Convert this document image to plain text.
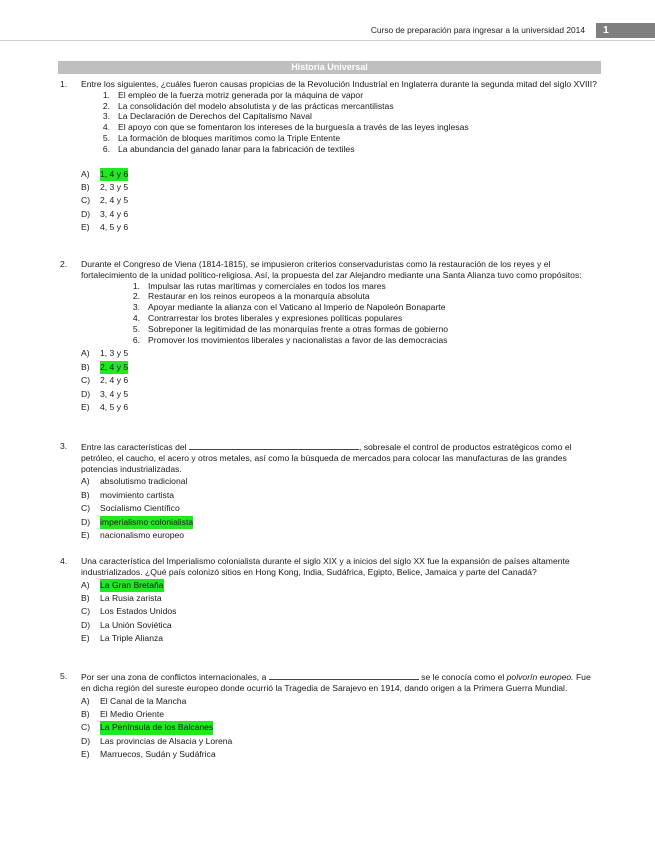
Curso de preparación para ingresar a la universidad 2014	1
Historia Universal
1. Entre los siguientes, ¿cuáles fueron causas propicias de la Revolución Industrial en Inglaterra durante la segunda mitad del siglo XVIII?
1. El empleo de la fuerza motriz generada por la máquina de vapor
2. La consolidación del modelo absolutista y de las prácticas mercantilistas
3. La Declaración de Derechos del Capitalismo Naval
4. El apoyo con que se fomentaron los intereses de la burguesía a través de las leyes inglesas
5. La formación de bloques marítimos como la Triple Entente
6. La abundancia del ganado lanar para la fabricación de textiles
A)	1, 4 y 6
B)	2, 3 y 5
C)	2, 4 y 5
D)	3, 4 y 6
E)	4, 5 y 6
2. Durante el Congreso de Viena (1814-1815), se impusieron criterios conservaduristas como la restauración de los reyes y el fortalecimiento de la unidad político-religiosa. Así, la propuesta del zar Alejandro mediante una Santa Alianza tuvo como propósitos:
1. Impulsar las rutas marítimas y comerciales en todos los mares
2. Restaurar en los reinos europeos a la monarquía absoluta
3. Apoyar mediante la alianza con el Vaticano al Imperio de Napoleón Bonaparte
4. Contrarrestar los brotes liberales y expresiones políticas populares
5. Sobreponer la legitimidad de las monarquías frente a otras formas de gobierno
6. Promover los movimientos liberales y nacionalistas a favor de las democracias
A)	1, 3 y 5
B)	2, 4 y 5
C)	2, 4 y 6
D)	3, 4 y 5
E)	4, 5 y 6
3. Entre las características del	, sobresale el control de productos estratégicos como el petróleo, el caucho, el acero y otros metales, así como la búsqueda de mercados para colocar las manufacturas de las grandes potencias industrializadas.
A)	absolutismo tradicional
B)	movimiento cartista
C)	Socialismo Científico
D)	imperialismo colonialista
E)	nacionalismo europeo
4. Una característica del Imperialismo colonialista durante el siglo XIX y a inicios del siglo XX fue la expansión de países altamente industrializados. ¿Qué país colonizó sitios en Hong Kong, India, Sudáfrica, Egipto, Belice, Jamaica y parte del Canadá?
A)	La Gran Bretaña
B)	La Rusia zarista
C)	Los Estados Unidos
D)	La Unión Soviética
E)	La Triple Alianza
5. Por ser una zona de conflictos internacionales, a	se le conocía como el polvorín europeo. Fue en dicha región del sureste europeo donde ocurrió la Tragedia de Sarajevo en 1914, dando origen a la Primera Guerra Mundial.
A)	El Canal de la Mancha
B)	El Medio Oriente
C)	La Península de los Balcanes
D)	Las provincias de Alsacia y Lorena
E)	Marruecos, Sudán y Sudáfrica
